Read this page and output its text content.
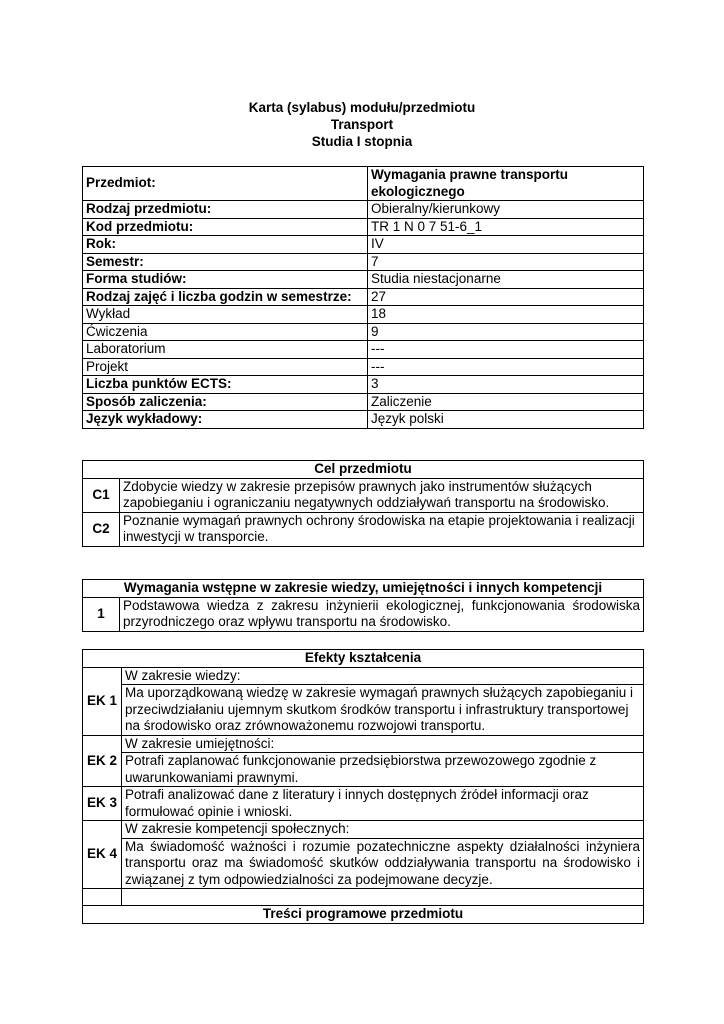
Karta (sylabus) modułu/przedmiotu
Transport
Studia I stopnia
Przedmiot:	Wymagania prawne transportu ekologicznego
Rodzaj przedmiotu:	Obieralny/kierunkowy
Kod przedmiotu:	TR 1 N 0 7 51-6_1
Rok:	IV
Semestr:	7
Forma studiów:	Studia niestacjonarne
Rodzaj zajęć i liczba godzin w semestrze:	27
Wykład	18
Ćwiczenia	9
Laboratorium	---
Projekt	---
Liczba punktów ECTS:	3
Sposób zaliczenia:	Zaliczenie
Język wykładowy:	Język polski
Cel przedmiotu	
C1	Zdobycie wiedzy w zakresie przepisów prawnych jako instrumentów służących zapobieganiu i ograniczaniu negatywnych oddziaływań transportu na środowisko.
C2	Poznanie wymagań prawnych ochrony środowiska na etapie projektowania i realizacji inwestycji w transporcie.
Wymagania wstępne w zakresie wiedzy, umiejętności i innych kompetencji
1	Podstawowa wiedza z zakresu inżynierii ekologicznej, funkcjonowania środowiska przyrodniczego oraz wpływu transportu na środowisko.
Efekty kształcenia	
EK 1	W zakresie wiedzy:
	Ma uporządkowaną wiedzę w zakresie wymagań prawnych służących zapobieganiu i przeciwdziałaniu ujemnym skutkom środków transportu i infrastruktury transportowej na środowisko oraz zrównoważonemu rozwojowi transportu.
EK 2	W zakresie umiejętności:
	Potrafi zaplanować funkcjonowanie przedsiębiorstwa przewozowego zgodnie z uwarunkowaniami prawnymi.
EK 3	Potrafi analizować dane z literatury i innych dostępnych źródeł informacji oraz formułować opinie i wnioski.
EK 4	W zakresie kompetencji społecznych:
	Ma świadomość ważności i rozumie pozatechniczne aspekty działalności inżyniera transportu oraz ma świadomość skutków oddziaływania transportu na środowisko i związanej z tym odpowiedzialności za podejmowane decyzje.

Treści programowe przedmiotu	
